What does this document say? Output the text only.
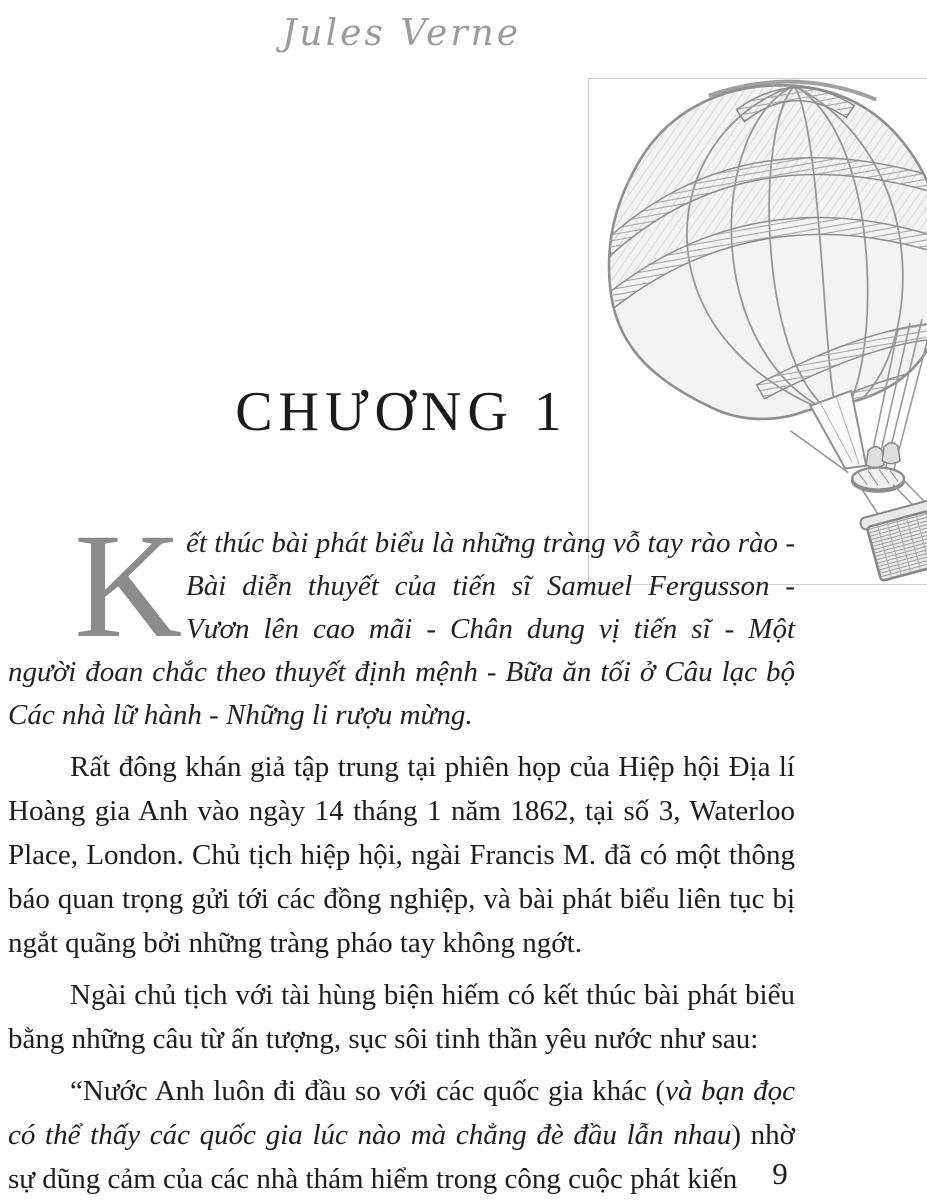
Jules Verne
CHƯƠNG 1

Kết thúc bài phát biểu là những tràng vỗ tay rào rào - Bài diễn thuyết của tiến sĩ Samuel Fergusson - Vươn lên cao mãi - Chân dung vị tiến sĩ - Một người đoan chắc theo thuyết định mệnh - Bữa ăn tối ở Câu lạc bộ Các nhà lữ hành - Những li rượu mừng.

Rất đông khán giả tập trung tại phiên họp của Hiệp hội Địa lí Hoàng gia Anh vào ngày 14 tháng 1 năm 1862, tại số 3, Waterloo Place, London. Chủ tịch hiệp hội, ngài Francis M. đã có một thông báo quan trọng gửi tới các đồng nghiệp, và bài phát biểu liên tục bị ngắt quãng bởi những tràng pháo tay không ngớt.

Ngài chủ tịch với tài hùng biện hiếm có kết thúc bài phát biểu bằng những câu từ ấn tượng, sục sôi tinh thần yêu nước như sau:

“Nước Anh luôn đi đầu so với các quốc gia khác (và bạn đọc có thể thấy các quốc gia lúc nào mà chẳng đè đầu lẫn nhau) nhờ sự dũng cảm của các nhà thám hiểm trong công cuộc phát kiến	9
